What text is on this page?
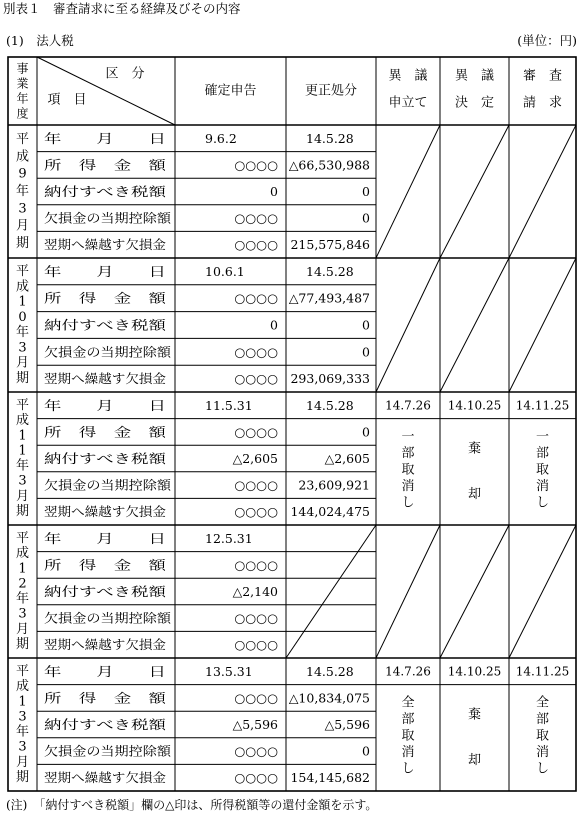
別表１　審査請求に至る経緯及びその内容
(1)　法人税	(単位：円)
区　分
項　目
事
業
年
度
確定申告	更正処分
異　議
申立て
異　議
決　定
審　査
請　求
平
成
9
年
3
月
期
年　　月　　日
所　得　金　額
納付すべき税額
欠損金の当期控除額
翌期へ繰越す欠損金
9.6.2
○○○○
0
○○○○
○○○○
14.5.28
△66,530,988
0
0
215,575,846
平
成
1
0
年
3
月
期
年　　月　　日
所　得　金　額
納付すべき税額
欠損金の当期控除額
翌期へ繰越す欠損金
10.6.1
○○○○
0
○○○○
○○○○
14.5.28
△77,493,487
0
0
293,069,333
平
成
1
1
年
3
月
期
年　　月　　日
所　得　金　額
納付すべき税額
欠損金の当期控除額
翌期へ繰越す欠損金
11.5.31
○○○○
△2,605
○○○○
○○○○
14.5.28
0
△2,605
23,609,921
144,024,475
14.7.26
一
部
取
消
し
14.10.25
棄
却
14.11.25
一
部
取
消
し
平
成
1
2
年
3
月
期
年　　月　　日
所　得　金　額
納付すべき税額
欠損金の当期控除額
翌期へ繰越す欠損金
12.5.31
○○○○
△2,140
○○○○
○○○○
平
成
1
3
年
3
月
期
年　　月　　日
所　得　金　額
納付すべき税額
欠損金の当期控除額
翌期へ繰越す欠損金
13.5.31
○○○○
△5,596
○○○○
○○○○
14.5.28
△10,834,075
△5,596
0
154,145,682
14.7.26
全
部
取
消
し
14.10.25
棄
却
14.11.25
全
部
取
消
し
(注)　「納付すべき税額」欄の△印は、所得税額等の還付金額を示す。
